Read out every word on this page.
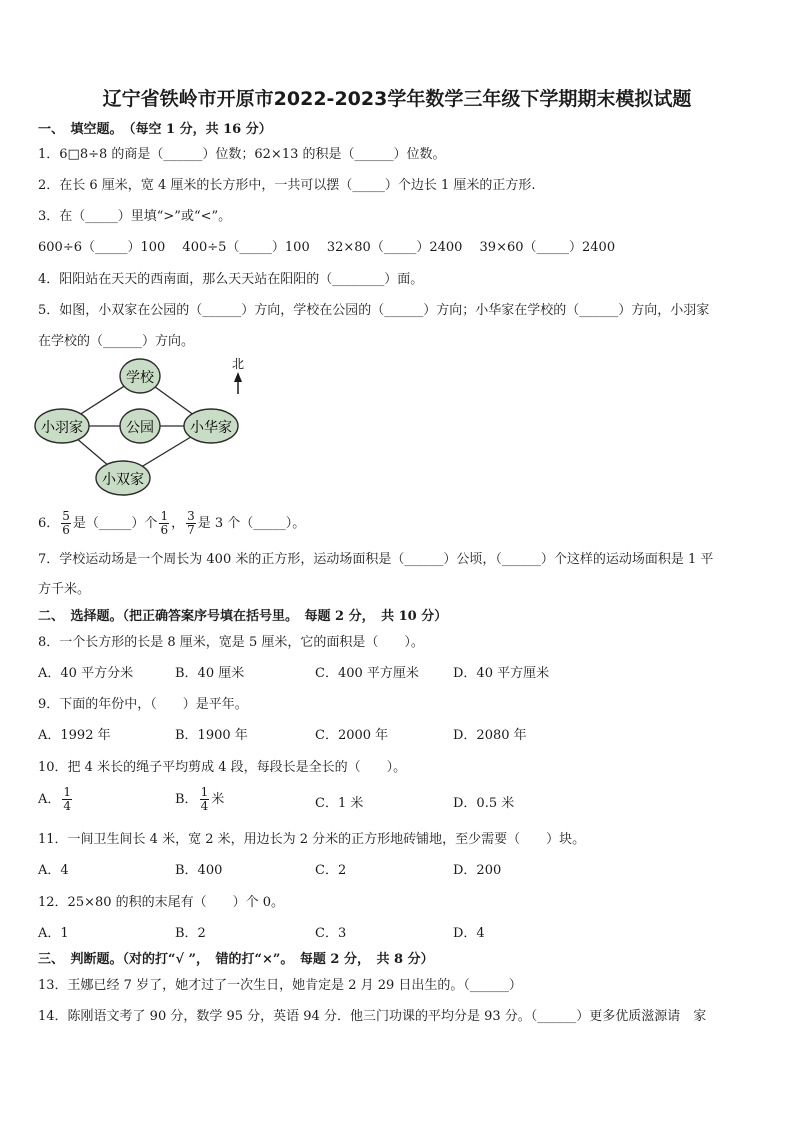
辽宁省铁岭市开原市2022-2023学年数学三年级下学期期末模拟试题
一、　填空题。　（每空 1 分，共 16 分）
1．6□8÷8 的商是（______）位数；62×13 的积是（______）位数。
2．在长 6 厘米，宽 4 厘米的长方形中，一共可以摆（_____）个边长 1 厘米的正方形.
3．在（_____）里填“>”或“<”。
600÷6（_____）100　 400÷5（_____）100　 32×80（_____）2400　 39×60（_____）2400
4．阳阳站在天天的西南面，那么天天站在阳阳的（________）面。
5．如图，小双家在公园的（______）方向，学校在公园的（______）方向；小华家在学校的（______）方向，小羽家
在学校的（______）方向。
学校
小羽家	公园	小华家
小双家
北
6． $\frac{5}{6}$ 是（_____）个 $\frac{1}{6}$ ， $\frac{3}{7}$ 是 3 个（_____）。
7．学校运动场是一个周长为 400 米的正方形，运动场面积是（______）公顷，（______）个这样的运动场面积是 1 平
方千米。
二、　选择题。（把正确答案序号填在括号里。　每题 2 分，　共 10 分）
8．一个长方形的长是 8 厘米，宽是 5 厘米，它的面积是（　　）。
A．40 平方分米	B．40 厘米	C．400 平方厘米	D．40 平方厘米
9．下面的年份中，（　　）是平年。
A．1992 年	B．1900 年	C．2000 年	D．2080 年
10．把 4 米长的绳子平均剪成 4 段，每段长是全长的（　　）。
A． $\frac{1}{4}$	B． $\frac{1}{4}$ 米	C．1 米	D．0.5 米
11．一间卫生间长 4 米，宽 2 米，用边长为 2 分米的正方形地砖铺地，至少需要（　　）块。
A．4	B．400	C．2	D．200
12．25×80 的积的末尾有（　　）个 0。
A．1	B．2	C．3	D．4
三、　判断题。（对的打“√ ”，　错的打“×”。　每题 2 分，　共 8 分）
13．王娜已经 7 岁了，她才过了一次生日，她肯定是 2 月 29 日出生的。（______）
14．陈刚语文考了 90 分，数学 95 分，英语 94 分．他三门功课的平均分是 93 分。（______）更多优质滋源请　家
